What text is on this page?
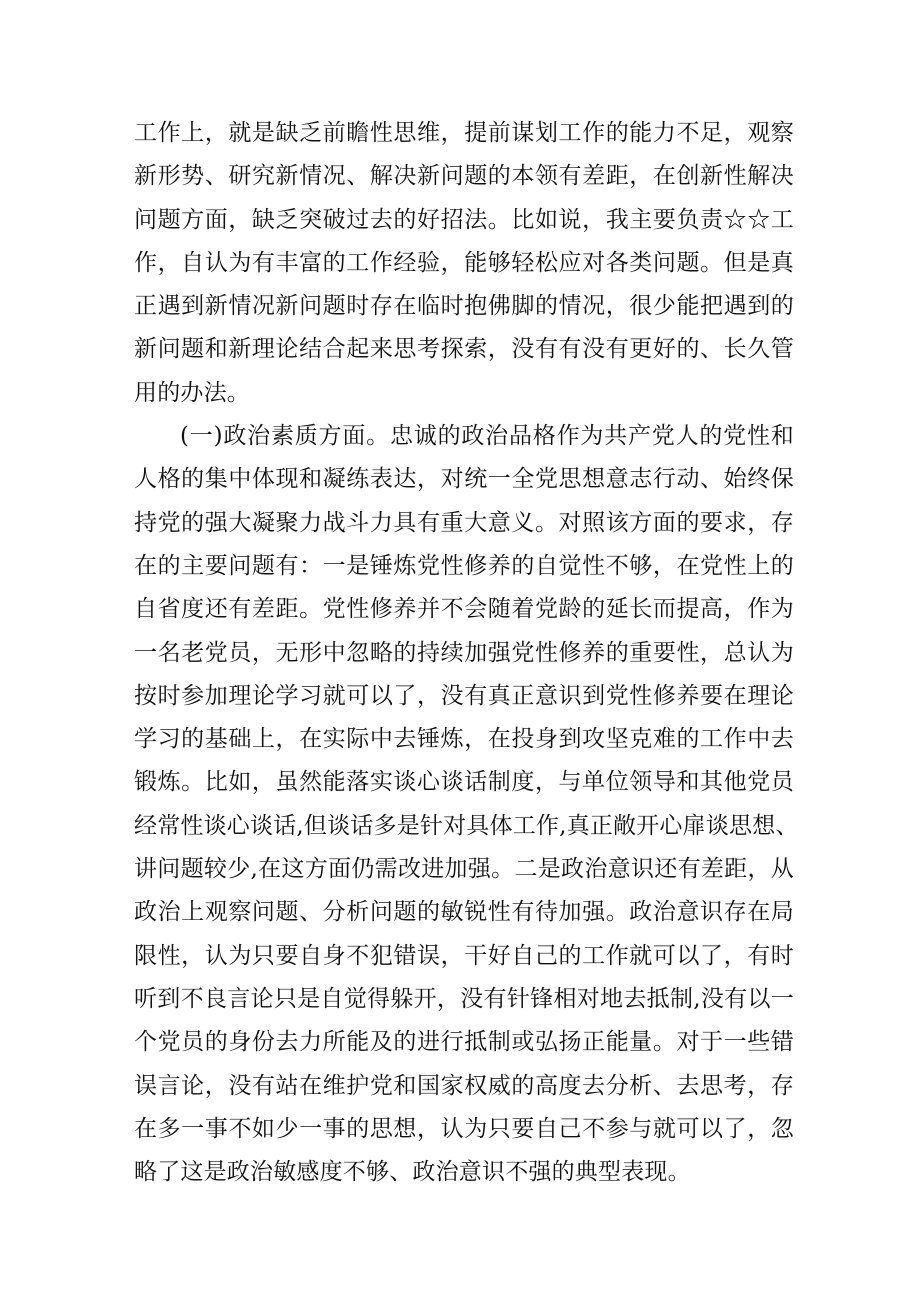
工作上，就是缺乏前瞻性思维，提前谋划工作的能力不足，观察
新形势、研究新情况、解决新问题的本领有差距，在创新性解决
问题方面，缺乏突破过去的好招法。比如说，我主要负责☆☆工
作，自认为有丰富的工作经验，能够轻松应对各类问题。但是真
正遇到新情况新问题时存在临时抱佛脚的情况，很少能把遇到的
新问题和新理论结合起来思考探索，没有有没有更好的、长久管
用的办法。
(一)政治素质方面。忠诚的政治品格作为共产党人的党性和
人格的集中体现和凝练表达，对统一全党思想意志行动、始终保
持党的强大凝聚力战斗力具有重大意义。对照该方面的要求，存
在的主要问题有：一是锤炼党性修养的自觉性不够，在党性上的
自省度还有差距。党性修养并不会随着党龄的延长而提高，作为
一名老党员，无形中忽略的持续加强党性修养的重要性，总认为
按时参加理论学习就可以了，没有真正意识到党性修养要在理论
学习的基础上，在实际中去锤炼，在投身到攻坚克难的工作中去
锻炼。比如，虽然能落实谈心谈话制度，与单位领导和其他党员
经常性谈心谈话,但谈话多是针对具体工作,真正敞开心扉谈思想、
讲问题较少,在这方面仍需改进加强。二是政治意识还有差距，从
政治上观察问题、分析问题的敏锐性有待加强。政治意识存在局
限性，认为只要自身不犯错误，干好自己的工作就可以了，有时
听到不良言论只是自觉得躲开，没有针锋相对地去抵制,没有以一
个党员的身份去力所能及的进行抵制或弘扬正能量。对于一些错
误言论，没有站在维护党和国家权威的高度去分析、去思考，存
在多一事不如少一事的思想，认为只要自己不参与就可以了，忽
略了这是政治敏感度不够、政治意识不强的典型表现。
